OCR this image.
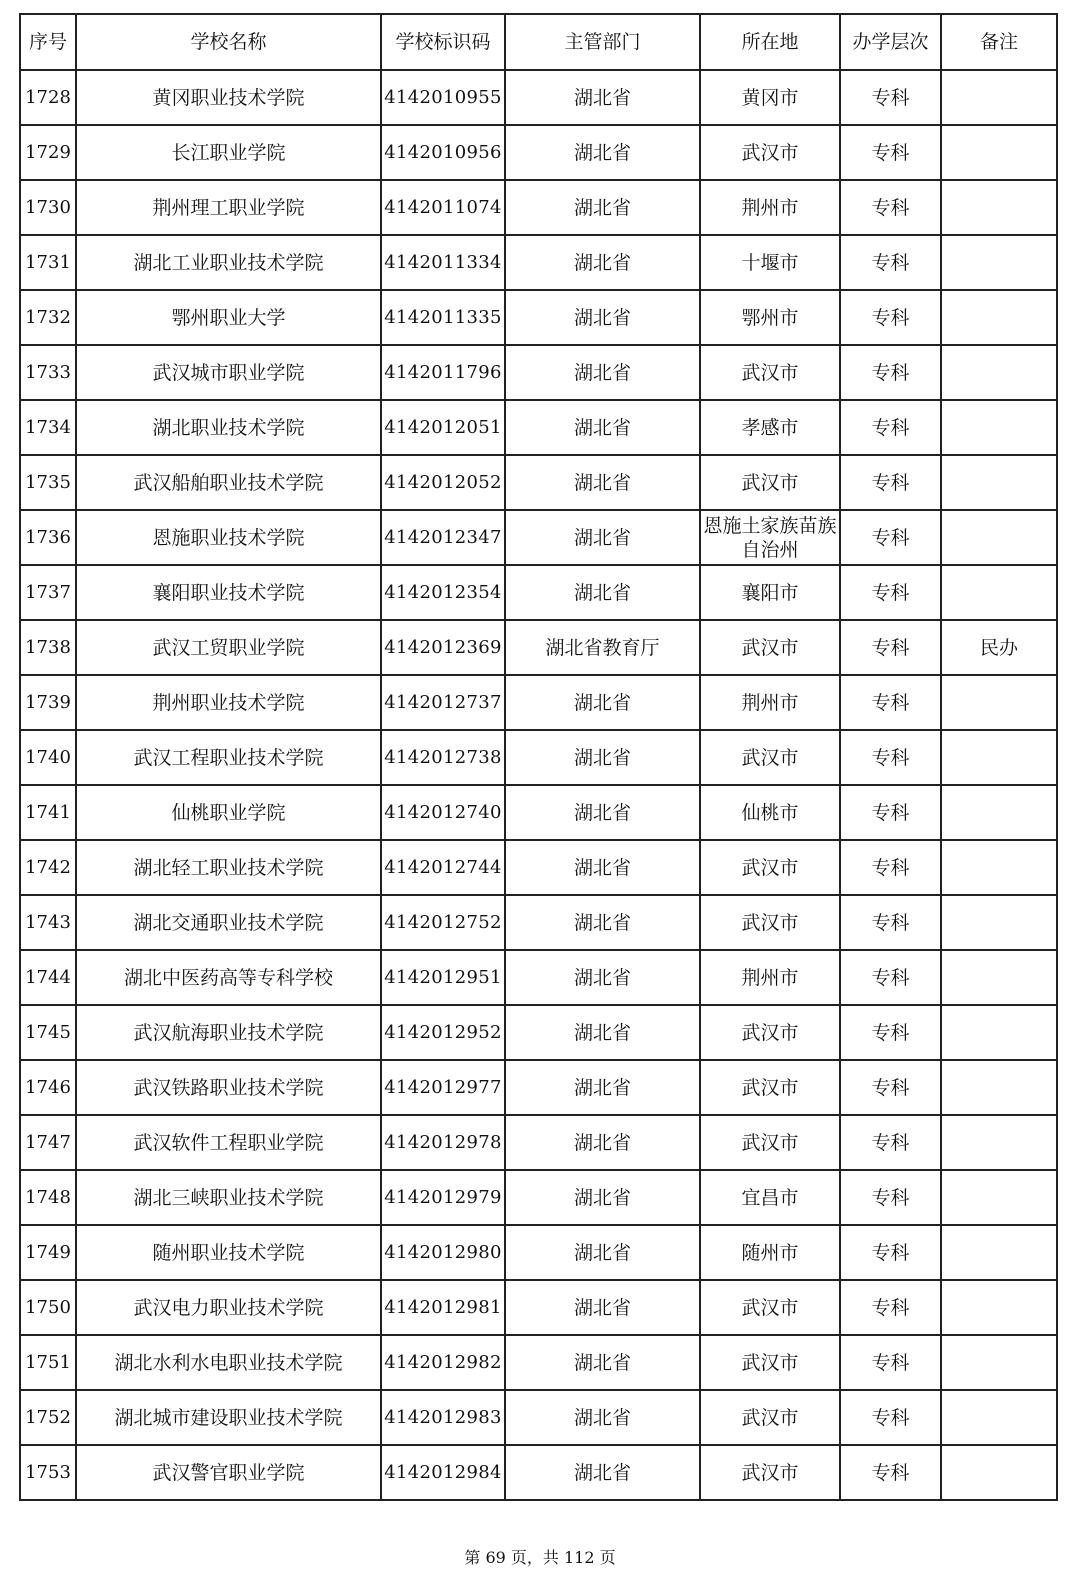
序号	学校名称	学校标识码	主管部门	所在地	办学层次	备注
1728	黄冈职业技术学院	4142010955	湖北省	黄冈市	专科	
1729	长江职业学院	4142010956	湖北省	武汉市	专科	
1730	荆州理工职业学院	4142011074	湖北省	荆州市	专科	
1731	湖北工业职业技术学院	4142011334	湖北省	十堰市	专科	
1732	鄂州职业大学	4142011335	湖北省	鄂州市	专科	
1733	武汉城市职业学院	4142011796	湖北省	武汉市	专科	
1734	湖北职业技术学院	4142012051	湖北省	孝感市	专科	
1735	武汉船舶职业技术学院	4142012052	湖北省	武汉市	专科	
1736	恩施职业技术学院	4142012347	湖北省	恩施土家族苗族自治州	专科	
1737	襄阳职业技术学院	4142012354	湖北省	襄阳市	专科	
1738	武汉工贸职业学院	4142012369	湖北省教育厅	武汉市	专科	民办
1739	荆州职业技术学院	4142012737	湖北省	荆州市	专科	
1740	武汉工程职业技术学院	4142012738	湖北省	武汉市	专科	
1741	仙桃职业学院	4142012740	湖北省	仙桃市	专科	
1742	湖北轻工职业技术学院	4142012744	湖北省	武汉市	专科	
1743	湖北交通职业技术学院	4142012752	湖北省	武汉市	专科	
1744	湖北中医药高等专科学校	4142012951	湖北省	荆州市	专科	
1745	武汉航海职业技术学院	4142012952	湖北省	武汉市	专科	
1746	武汉铁路职业技术学院	4142012977	湖北省	武汉市	专科	
1747	武汉软件工程职业学院	4142012978	湖北省	武汉市	专科	
1748	湖北三峡职业技术学院	4142012979	湖北省	宜昌市	专科	
1749	随州职业技术学院	4142012980	湖北省	随州市	专科	
1750	武汉电力职业技术学院	4142012981	湖北省	武汉市	专科	
1751	湖北水利水电职业技术学院	4142012982	湖北省	武汉市	专科	
1752	湖北城市建设职业技术学院	4142012983	湖北省	武汉市	专科	
1753	武汉警官职业学院	4142012984	湖北省	武汉市	专科	
第 69 页，共 112 页
